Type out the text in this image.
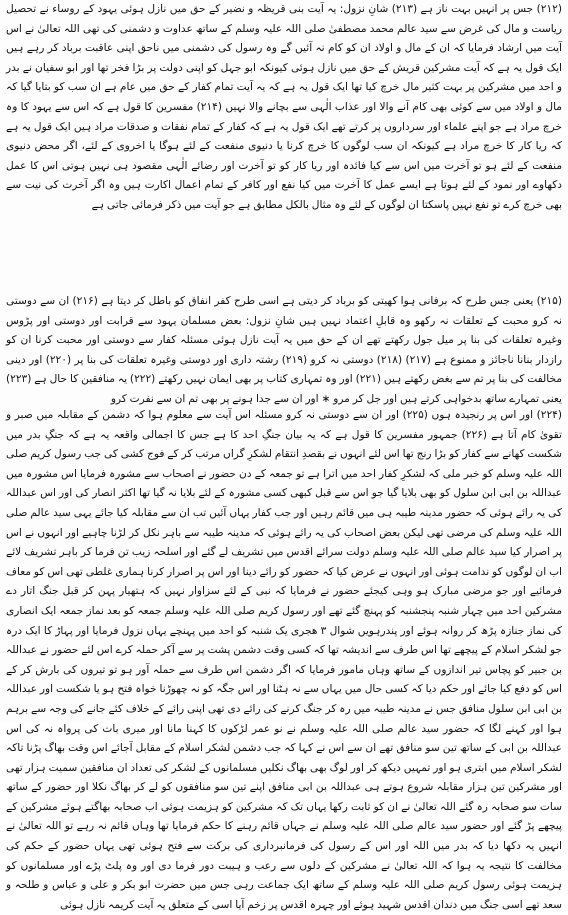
(۲۱۲) جس پر انہیں بہت ناز ہے (۲۱۳) شانِ نزول: یہ آیت بنی قریظہ و نضیر کے حق میں نازل ہوئی یہود کے روساء نے تحصیل ریاست و مال کی غرض سے سید عالم محمد مصطفیٰ صلی اللہ علیہ وسلم کے ساتھ عداوت و دشمنی کی تھی اللہ تعالیٰ نے اس آیت میں ارشاد فرمایا کہ ان کے مال و اولاد ان کو کام نہ آئیں گے وہ رسول کی دشمنی میں ناحق اپنی عاقبت برباد کر رہے ہیں ایک قول یہ ہے کہ آیت مشرکین قریش کے حق میں نازل ہوئی کیونکہ ابو جہل کو اپنی دولت پر بڑا فخر تھا اور ابو سفیان نے بدر و احد میں مشرکین پر بہت کثیر مال خرچ کیا تھا ایک قول یہ ہے کہ یہ آیت تمام کفار کے حق میں عام ہے ان سب کو بتایا گیا کہ مال و اولاد میں سے کوئی بھی کام آنے والا اور عذاب الٰہی سے بچانے والا نہیں (۲۱۴) مفسرین کا قول ہے کہ اس سے یہود کا وہ خرچ مراد ہے جو اپنے علماء اور سرداروں پر کرتے تھے ایک قول یہ ہے کہ کفار کے تمام نفقات و صدقات مراد ہیں ایک قول یہ ہے کہ ریا کار کا خرچ مراد ہے کیونکہ ان سب لوگوں کا خرچ کرنا یا دنیوی منفعت کے لئے ہوگا یا اخروی کے لئے، اگر محض دنیوی منفعت کے لئے ہو تو آخرت میں اس سے کیا فائدہ اور ریا کار کو تو آخرت اور رضائے الٰہی مقصود ہی نہیں ہوتی اس کا عمل دکھاوے اور نمود کے لئے ہوتا ہے ایسے عمل کا آخرت میں کیا نفع اور کافر کے تمام اعمال اکارت ہیں وہ اگر آخرت کی نیت سے بھی خرچ کرے تو نفع نہیں پاسکتا ان لوگوں کے لئے وہ مثال بالکل مطابق ہے جو آیت میں ذکر فرمائی جاتی ہے
(۲۱۵) یعنی جس طرح کہ برفانی ہوا کھیتی کو برباد کر دیتی ہے اسی طرح کفر انفاق کو باطل کر دیتا ہے (۲۱۶) ان سے دوستی نہ کرو محبت کے تعلقات نہ رکھو وہ قابلِ اعتماد نہیں ہیں شانِ نزول: بعض مسلمان یہود سے قرابت اور دوستی اور پڑوس وغیرہ تعلقات کی بنا پر میل جول رکھتے تھے ان کے حق میں یہ آیت نازل ہوئی مسئلہ کفار سے دوستی اور محبت کرنا ان کو رازدار بنانا ناجائز و ممنوع ہے (۲۱۷) (۲۱۸) دوستی نہ کرو (۲۱۹) رشتہ داری اور دوستی وغیرہ تعلقات کی بنا پر (۲۲۰) اور دینی مخالفت کی بنا پر تم سے بغض رکھتے ہیں (۲۲۱) اور وہ تمہاری کتاب پر بھی ایمان نہیں رکھتے (۲۲۲) یہ منافقین کا حال ہے (۲۲۳) یعنی تمہارے ساتھ بدخواہی کرتے ہیں اور جل کر مرو ∗ اور ان سے جدا ہونے پر بھی تم ان سے نفرت کرو
(۲۲۴) اور اس پر رنجیدہ ہوں (۲۲۵) اور ان سے دوستی نہ کرو مسئلہ اس آیت سے معلوم ہوا کہ دشمن کے مقابلہ میں صبر و تقویٰ کام آتا ہے (۲۲۶) جمہور مفسرین کا قول ہے کہ یہ بیان جنگِ احد کا ہے جس کا اجمالی واقعہ یہ ہے کہ جنگِ بدر میں شکست کھانے سے کفار کو بڑا رنج تھا اس لئے انہوں نے بقصدِ انتقام لشکرِ گراں مرتب کر کے فوج کشی کی جب رسول کریم صلی اللہ علیہ وسلم کو خبر ملی کہ لشکرِ کفار احد میں اترا ہے تو جمعہ کے دن حضور نے اصحاب سے مشورہ فرمایا اس مشورہ میں عبداللہ بن ابی ابن سلول کو بھی بلایا گیا جو اس سے قبل کبھی کسی مشورہ کے لئے بلایا نہ گیا تھا اکثر انصار کی اور اس عبداللہ کی یہ رائے ہوئی کہ حضور مدینہ طیبہ ہی میں قائم رہیں اور جب کفار یہاں آئیں تب ان سے مقابلہ کیا جائے یہی سید عالم صلی اللہ علیہ وسلم کی مرضی تھی لیکن بعض اصحاب کی یہ رائے ہوئی کہ مدینہ طیبہ سے باہر نکل کر لڑنا چاہیے اور انہوں نے اس پر اصرار کیا سید عالم صلی اللہ علیہ وسلم دولت سرائے اقدس میں تشریف لے گئے اور اسلحہ زیب تن فرما کر باہر تشریف لائے اب ان لوگوں کو ندامت ہوئی اور انہوں نے عرض کیا کہ حضور کو رائے دینا اور اس پر اصرار کرنا ہماری غلطی تھی اس کو معاف فرمائیے اور جو مرضی مبارک ہو وہی کیجئے حضور نے فرمایا کہ نبی کے لئے سزاوار نہیں کہ ہتھیار پہن کر قبل جنگ اتار دے مشرکین احد میں چہار شنبہ پنجشنبہ کو پہنچ گئے تھے اور رسول کریم صلی اللہ علیہ وسلم جمعہ کو بعد نماز جمعہ ایک انصاری کی نماز جنازہ پڑھ کر روانہ ہوئے اور پندرہویں شوال ۳ ھجری یک شنبہ کو احد میں پہنچے یہاں نزول فرمایا اور پہاڑ کا ایک درہ جو لشکر اسلام کے پیچھے تھا اس طرف سے اندیشہ تھا کہ کسی وقت دشمن پشت پر سے آکر حملہ کرے اس لئے حضور نے عبداللہ بن جبیر کو پچاس تیر اندازوں کے ساتھ وہاں مامور فرمایا کہ اگر دشمن اس طرف سے حملہ آور ہو تو تیروں کی بارش کر کے اس کو دفع کیا جائے اور حکم دیا کہ کسی حال میں یہاں سے نہ ہٹنا اور اس جگہ کو نہ چھوڑنا خواہ فتح ہو یا شکست اور عبداللہ بن ابی ابن سلول منافق جس نے مدینہ طیبہ میں رہ کر جنگ کرنے کی رائے دی تھی اپنی رائے کے خلاف کئے جانے کی وجہ سے برہم ہوا اور کہنے لگا کہ حضور سید عالم صلی اللہ علیہ وسلم نے نو عمر لڑکوں کا کہنا مانا اور میری بات کی پرواہ نہ کی اس عبداللہ بن ابی کے ساتھ تین سو منافق تھے ان سے اس نے کہا کہ جب دشمن لشکر اسلام کے مقابل آجائے اس وقت بھاگ پڑنا تاکہ لشکر اسلام میں ابتری ہو اور تمہیں دیکھ کر اور لوگ بھی بھاگ نکلیں مسلمانوں کے لشکر کی تعداد ان منافقین سمیت ہزار تھی اور مشرکین تین ہزار مقابلہ شروع ہوتے ہی عبداللہ بن ابی منافق اپنے تین سو منافقوں کو لے کر بھاگ نکلا اور حضور کے ساتھ سات سو صحابہ رہ گئے اللہ تعالیٰ نے ان کو ثابت رکھا یہاں تک کہ مشرکین کو ہزیمت ہوئی اب صحابہ بھاگتے ہوئے مشرکین کے پیچھے پڑ گئے اور حضور سید عالم صلی اللہ علیہ وسلم نے جہاں قائم رہنے کا حکم فرمایا تھا وہاں قائم نہ رہے تو اللہ تعالیٰ نے انہیں یہ دکھا دیا کہ بدر میں اللہ اور اس کے رسول کی فرمانبرداری کی برکت سے فتح ہوئی تھی یہاں حضور کے حکم کی مخالفت کا نتیجہ یہ ہوا کہ اللہ تعالیٰ نے مشرکین کے دلوں سے رعب و ہیبت دور فرما دی اور وہ پلٹ پڑے اور مسلمانوں کو ہزیمت ہوئی رسول کریم صلی اللہ علیہ وسلم کے ساتھ ایک جماعت رہی جس میں حضرت ابو بکر و علی و عباس و طلحہ و سعد تھے اسی جنگ میں دندان اقدس شہید ہوئے اور چہرہ اقدس پر زخم آیا اسی کے متعلق یہ آیت کریمہ نازل ہوئی
